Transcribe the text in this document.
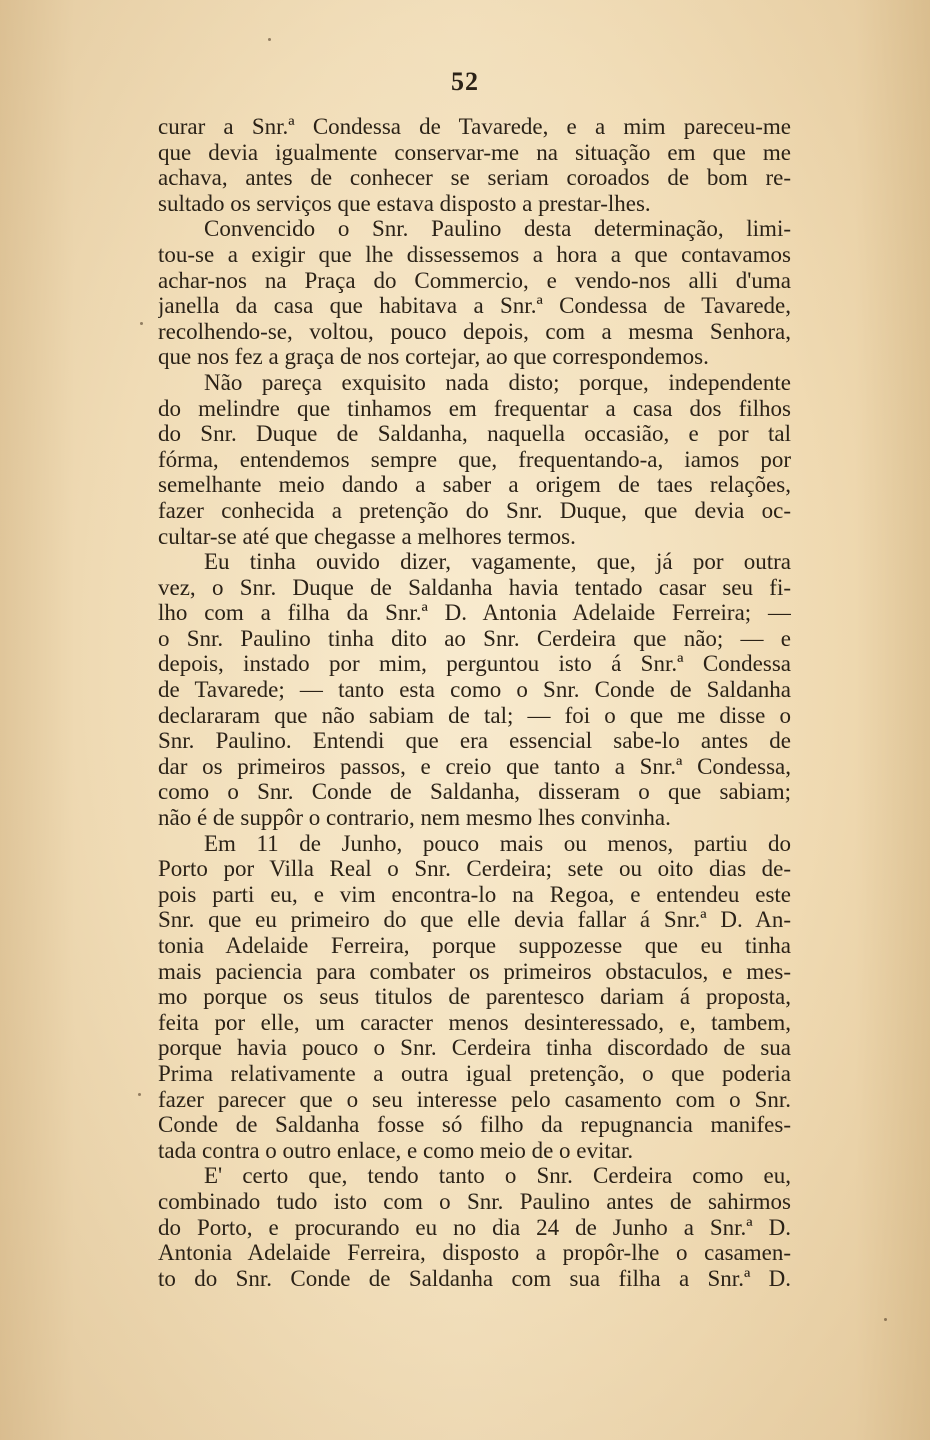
52
curar a Snr.ª Condessa de Tavarede, e a mim pareceu-me
que devia igualmente conservar-me na situação em que me
achava, antes de conhecer se seriam coroados de bom re-
sultado os serviços que estava disposto a prestar-lhes.
Convencido o Snr. Paulino desta determinação, limi-
tou-se a exigir que lhe dissessemos a hora a que contavamos
achar-nos na Praça do Commercio, e vendo-nos alli d'uma
janella da casa que habitava a Snr.ª Condessa de Tavarede,
recolhendo-se, voltou, pouco depois, com a mesma Senhora,
que nos fez a graça de nos cortejar, ao que correspondemos.
Não pareça exquisito nada disto; porque, independente
do melindre que tinhamos em frequentar a casa dos filhos
do Snr. Duque de Saldanha, naquella occasião, e por tal
fórma, entendemos sempre que, frequentando-a, iamos por
semelhante meio dando a saber a origem de taes relações,
fazer conhecida a pretenção do Snr. Duque, que devia oc-
cultar-se até que chegasse a melhores termos.
Eu tinha ouvido dizer, vagamente, que, já por outra
vez, o Snr. Duque de Saldanha havia tentado casar seu fi-
lho com a filha da Snr.ª D. Antonia Adelaide Ferreira; —
o Snr. Paulino tinha dito ao Snr. Cerdeira que não; — e
depois, instado por mim, perguntou isto á Snr.ª Condessa
de Tavarede; — tanto esta como o Snr. Conde de Saldanha
declararam que não sabiam de tal; — foi o que me disse o
Snr. Paulino. Entendi que era essencial sabe-lo antes de
dar os primeiros passos, e creio que tanto a Snr.ª Condessa,
como o Snr. Conde de Saldanha, disseram o que sabiam;
não é de suppôr o contrario, nem mesmo lhes convinha.
Em 11 de Junho, pouco mais ou menos, partiu do
Porto por Villa Real o Snr. Cerdeira; sete ou oito dias de-
pois parti eu, e vim encontra-lo na Regoa, e entendeu este
Snr. que eu primeiro do que elle devia fallar á Snr.ª D. An-
tonia Adelaide Ferreira, porque suppozesse que eu tinha
mais paciencia para combater os primeiros obstaculos, e mes-
mo porque os seus titulos de parentesco dariam á proposta,
feita por elle, um caracter menos desinteressado, e, tambem,
porque havia pouco o Snr. Cerdeira tinha discordado de sua
Prima relativamente a outra igual pretenção, o que poderia
fazer parecer que o seu interesse pelo casamento com o Snr.
Conde de Saldanha fosse só filho da repugnancia manifes-
tada contra o outro enlace, e como meio de o evitar.
E' certo que, tendo tanto o Snr. Cerdeira como eu,
combinado tudo isto com o Snr. Paulino antes de sahirmos
do Porto, e procurando eu no dia 24 de Junho a Snr.ª D.
Antonia Adelaide Ferreira, disposto a propôr-lhe o casamen-
to do Snr. Conde de Saldanha com sua filha a Snr.ª D.
